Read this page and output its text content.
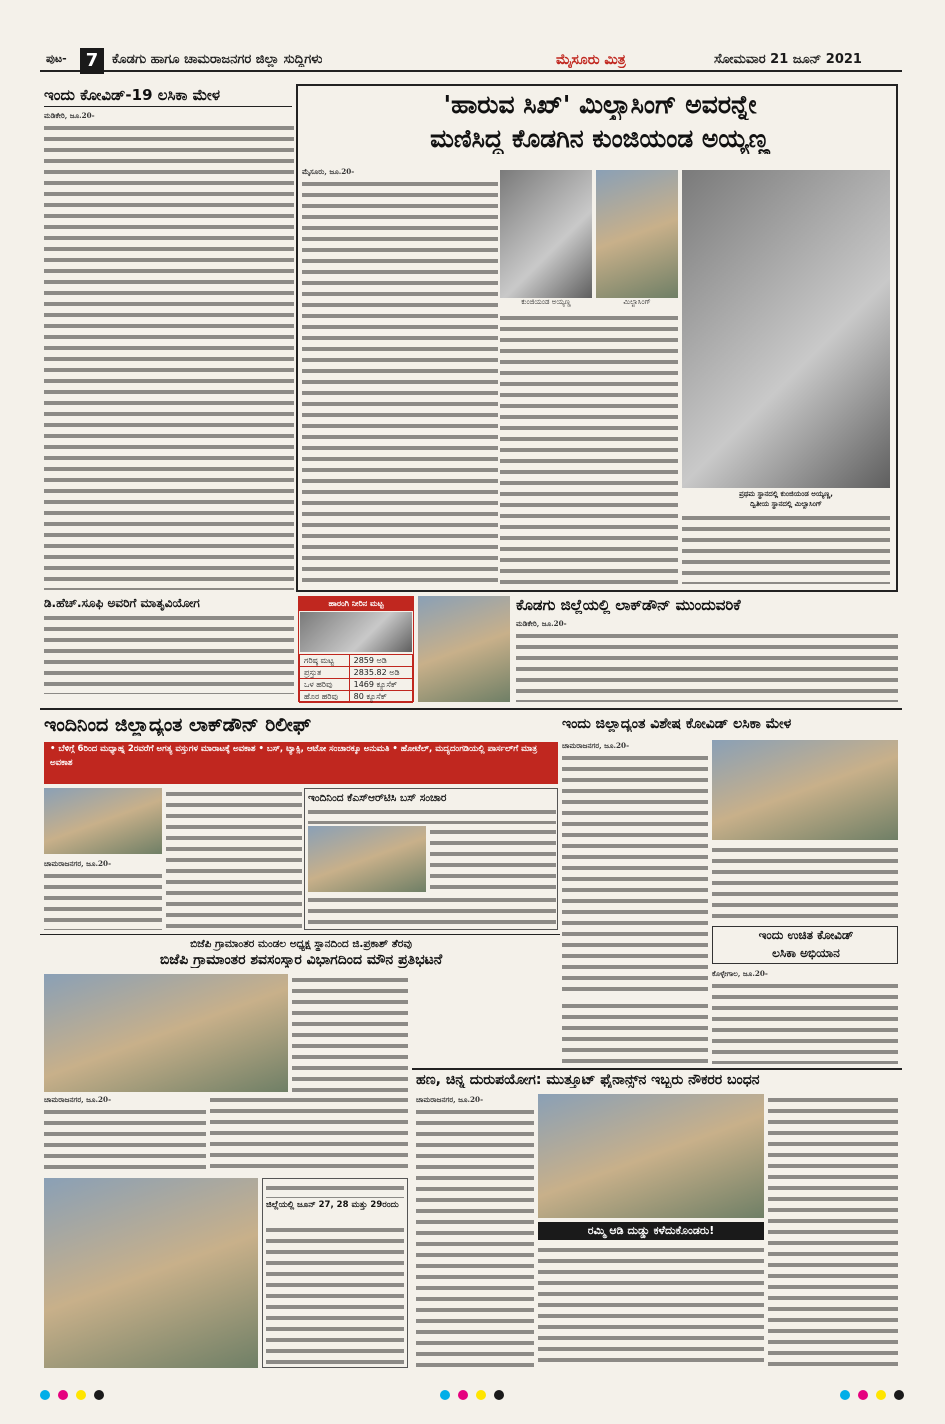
ಪುಟ-	7	ಕೊಡಗು ಹಾಗೂ ಚಾಮರಾಜನಗರ ಜಿಲ್ಲಾ ಸುದ್ದಿಗಳು	ಮೈಸೂರು ಮಿತ್ರ	ಸೋಮವಾರ 21 ಜೂನ್ 2021
ಇಂದು ಕೋವಿಡ್-19 ಲಸಿಕಾ ಮೇಳ
ಮಡಿಕೇರಿ, ಜೂ.20-	'ಹಾರುವ ಸಿಖ್' ಮಿಲ್ಖಾಸಿಂಗ್ ಅವರನ್ನೇ
ಮಣಿಸಿದ್ದ ಕೊಡಗಿನ ಕುಂಜಿಯಂಡ ಅಯ್ಯಣ್ಣ
ಮೈಸೂರು, ಜೂ.20-
ಕುಂಜಿಯಂಡ ಅಯ್ಯಣ್ಣ	ಮಿಲ್ಖಾಸಿಂಗ್
ಪ್ರಥಮ ಸ್ಥಾನದಲ್ಲಿ ಕುಂಜಿಯಂಡ ಅಯ್ಯಣ್ಣ,
ದ್ವಿತೀಯ ಸ್ಥಾನದಲ್ಲಿ ಮಿಲ್ಖಾಸಿಂಗ್
ಡಿ.ಹೆಚ್.ಸೂಫಿ ಅವರಿಗೆ ಮಾತೃವಿಯೋಗ	ಹಾರಂಗಿ ನೀರಿನ ಮಟ್ಟ
ಗರಿಷ್ಠ ಮಟ್ಟ	2859 ಅಡಿ
ಪ್ರಸ್ತುತ	2835.82 ಅಡಿ
ಒಳ ಹರಿವು	1469 ಕ್ಯೂಸೆಕ್
ಹೊರ ಹರಿವು	80 ಕ್ಯೂಸೆಕ್
ಕೊಡಗು ಜಿಲ್ಲೆಯಲ್ಲಿ ಲಾಕ್‌ಡೌನ್ ಮುಂದುವರಿಕೆ
ಮಡಿಕೇರಿ, ಜೂ.20-
ಇಂದಿನಿಂದ ಜಿಲ್ಲಾದ್ಯಂತ ಲಾಕ್‌ಡೌನ್ ರಿಲೀಫ್
• ಬೆಳಿಗ್ಗೆ 6ರಿಂದ ಮಧ್ಯಾಹ್ನ 2ರವರೆಗೆ ಅಗತ್ಯ ವಸ್ತುಗಳ ಮಾರಾಟಕ್ಕೆ ಅವಕಾಶ • ಬಸ್, ಟ್ಯಾಕ್ಸಿ, ಆಟೋ ಸಂಚಾರಕ್ಕೂ ಅನುಮತಿ • ಹೋಟೆಲ್, ಮದ್ಯದಂಗಡಿಯಲ್ಲಿ ಪಾರ್ಸಲ್‌ಗೆ ಮಾತ್ರ ಅವಕಾಶ
ಚಾಮರಾಜನಗರ, ಜೂ.20-
ಇಂದಿನಿಂದ ಕೆಎಸ್ಆರ್‌ಟಿಸಿ ಬಸ್ ಸಂಚಾರ
ಇಂದು ಜಿಲ್ಲಾದ್ಯಂತ ವಿಶೇಷ ಕೋವಿಡ್ ಲಸಿಕಾ ಮೇಳ
ಚಾಮರಾಜನಗರ, ಜೂ.20-
ಇಂದು ಉಚಿತ ಕೋವಿಡ್
ಲಸಿಕಾ ಅಭಿಯಾನ
ಕೊಳ್ಳೇಗಾಲ, ಜೂ.20-
ಬಿಜೆಪಿ ಗ್ರಾಮಾಂತರ ಮಂಡಲ ಅಧ್ಯಕ್ಷ ಸ್ಥಾನದಿಂದ ಜಿ.ಪ್ರಕಾಶ್ ತೆರವು
ಬಿಜೆಪಿ ಗ್ರಾಮಾಂತರ ಶವಸಂಸ್ಕಾರ ವಿಭಾಗದಿಂದ ಮೌನ ಪ್ರತಿಭಟನೆ
ಚಾಮರಾಜನಗರ, ಜೂ.20-
ಜಿಲ್ಲೆಯಲ್ಲಿ ಜೂನ್ 27, 28 ಮತ್ತು 29ರಂದು
ಹಣ, ಚಿನ್ನ ದುರುಪಯೋಗ: ಮುತ್ತೂಟ್ ಫೈನಾನ್ಸ್‌ನ ಇಬ್ಬರು ನೌಕರರ ಬಂಧನ
ಚಾಮರಾಜನಗರ, ಜೂ.20-
ರಮ್ಮಿ ಆಡಿ ದುಡ್ಡು ಕಳೆದುಕೊಂಡರು!
